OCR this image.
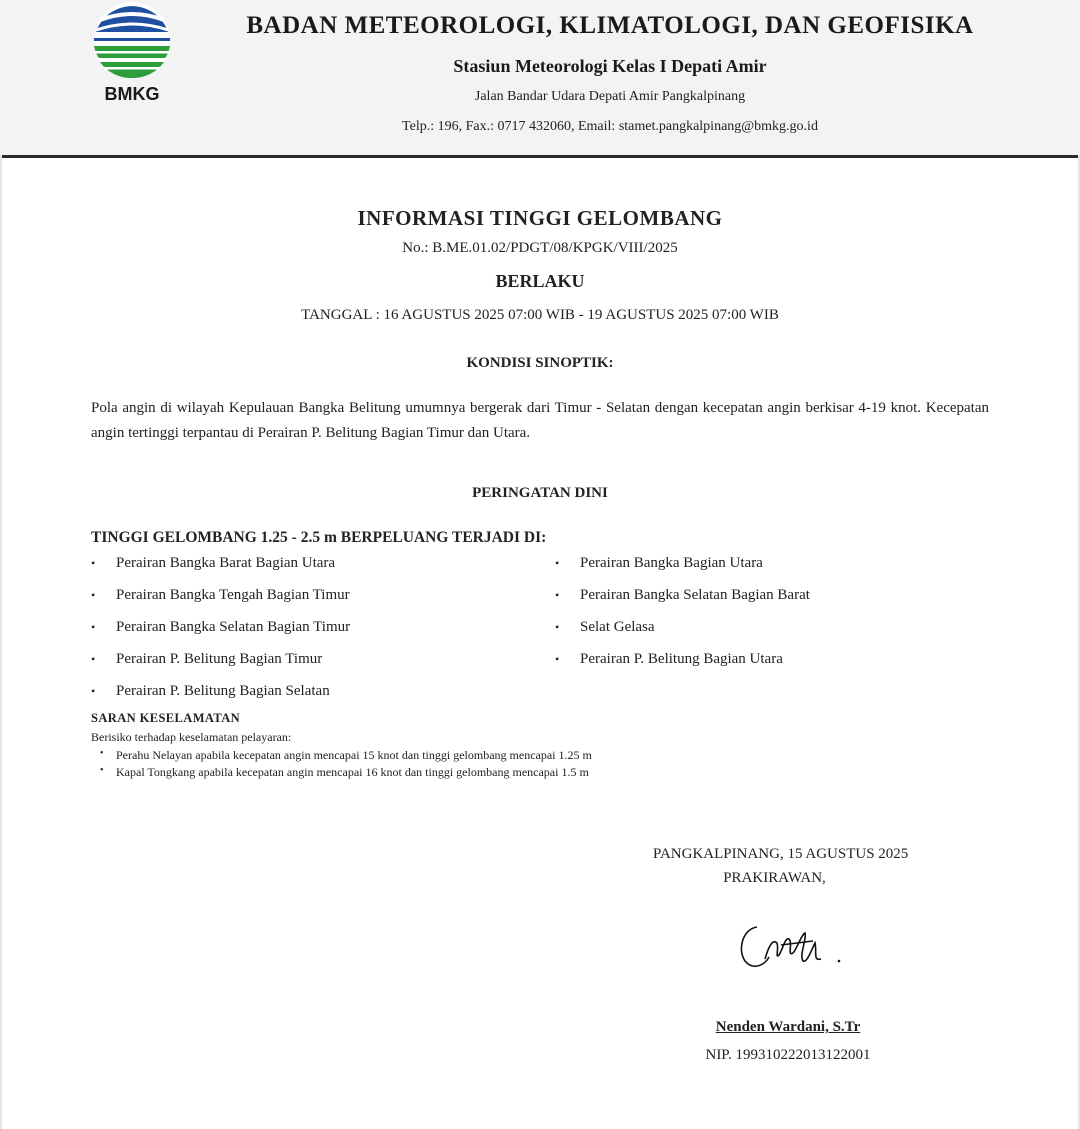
BMKG
BADAN METEOROLOGI, KLIMATOLOGI, DAN GEOFISIKA
Stasiun Meteorologi Kelas I Depati Amir
Jalan Bandar Udara Depati Amir Pangkalpinang
Telp.: 196, Fax.: 0717 432060, Email: stamet.pangkalpinang@bmkg.go.id
INFORMASI TINGGI GELOMBANG
No.: B.ME.01.02/PDGT/08/KPGK/VIII/2025
BERLAKU
TANGGAL : 16 AGUSTUS 2025 07:00 WIB - 19 AGUSTUS 2025 07:00 WIB
KONDISI SINOPTIK:
Pola angin di wilayah Kepulauan Bangka Belitung umumnya bergerak dari Timur - Selatan dengan kecepatan angin berkisar 4-19 knot. Kecepatan angin tertinggi terpantau di Perairan P. Belitung Bagian Timur dan Utara.
PERINGATAN DINI
TINGGI GELOMBANG 1.25 - 2.5 m BERPELUANG TERJADI DI:
• Perairan Bangka Barat Bagian Utara
• Perairan Bangka Tengah Bagian Timur
• Perairan Bangka Selatan Bagian Timur
• Perairan P. Belitung Bagian Timur
• Perairan P. Belitung Bagian Selatan
• Perairan Bangka Bagian Utara
• Perairan Bangka Selatan Bagian Barat
• Selat Gelasa
• Perairan P. Belitung Bagian Utara
SARAN KESELAMATAN
Berisiko terhadap keselamatan pelayaran:
• Perahu Nelayan apabila kecepatan angin mencapai 15 knot dan tinggi gelombang mencapai 1.25 m
• Kapal Tongkang apabila kecepatan angin mencapai 16 knot dan tinggi gelombang mencapai 1.5 m
PANGKALPINANG, 15 AGUSTUS 2025
PRAKIRAWAN,
Nenden Wardani, S.Tr
NIP. 199310222013122001
